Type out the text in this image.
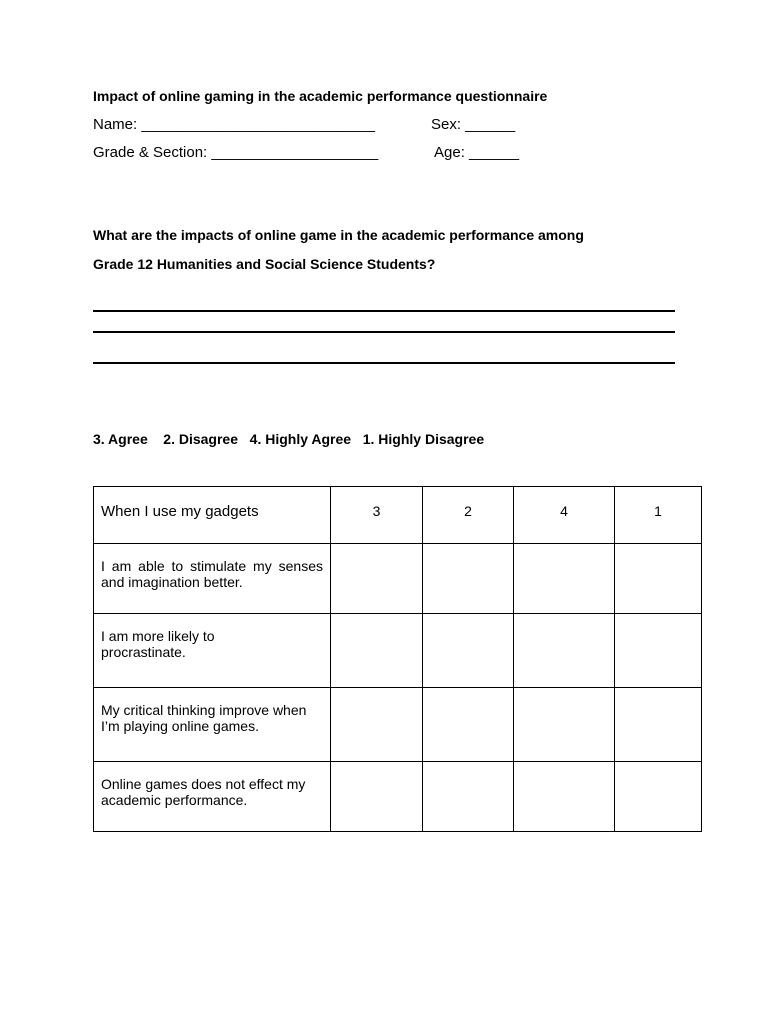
Impact of online gaming in the academic performance questionnaire
Name: ____________________________	Sex: ______
Grade & Section: ____________________	Age: ______
What are the impacts of online game in the academic performance among
Grade 12 Humanities and Social Science Students?
3. Agree    2. Disagree   4. Highly Agree   1. Highly Disagree
When I use my gadgets	3	2	4	1
I am able to stimulate my senses and imagination better.				
I am more likely to procrastinate.				
My critical thinking improve when I’m playing online games.				
Online games does not effect my academic performance.				
